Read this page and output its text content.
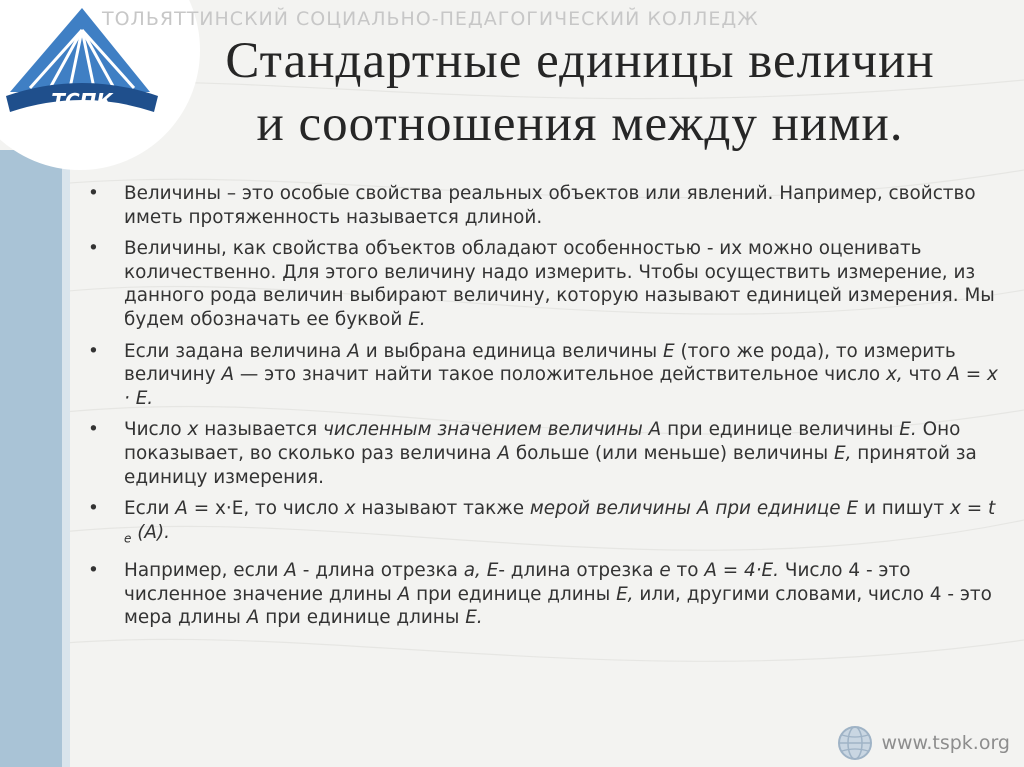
ТСПК
ТОЛЬЯТТИНСКИЙ СОЦИАЛЬНО-ПЕДАГОГИЧЕСКИЙ КОЛЛЕДЖ
Стандартные единицы величин
и соотношения между ними.
• Величины – это особые свойства реальных объектов или явлений. Например, свойство иметь протяженность называется длиной.
• Величины, как свойства объектов обладают особенностью - их можно оценивать количественно. Для этого величину надо измерить. Чтобы осуществить измерение, из данного рода величин выбирают величину, которую называют единицей измерения. Мы будем обозначать ее буквой Е.
• Если задана величина А и выбрана единица величины Е (того же рода), то измерить величину А — это значит найти такое положительное действительное число х, что А = х · Е.
• Число х называется численным значением величины А при единице величины Е. Оно показывает, во сколько раз величина А больше (или меньше) величины Е, принятой за единицу измерения.
• Если А = х·Е, то число х называют также мерой величины А при единице Е и пишут х = t $_е$ (А).
• Например, если А - длина отрезка а, Е- длина отрезка е то А = 4·Е. Число 4 - это численное значение длины А при единице длины Е, или, другими словами, число 4 - это мера длины А при единице длины Е.
www.tspk.org
